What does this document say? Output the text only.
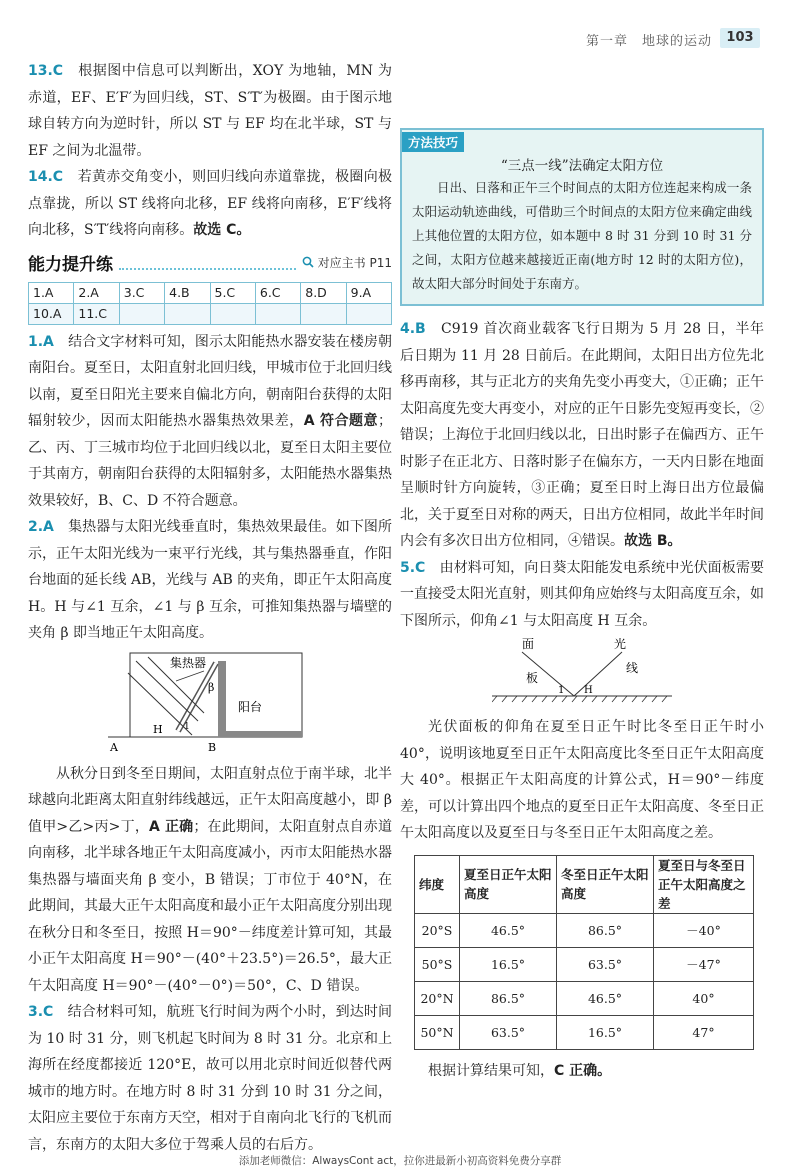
第一章　地球的运动	103

13.C　 根据图中信息可以判断出，XOY 为地轴，MN 为赤道，EF、E′F′为回归线，ST、S′T′为极圈。由于图示地球自转方向为逆时针，所以 ST 与 EF 均在北半球，ST 与 EF 之间为北温带。

14.C　 若黄赤交角变小，则回归线向赤道靠拢，极圈向极点靠拢，所以 ST 线将向北移，EF 线将向南移，E′F′线将向北移，S′T′线将向南移。故选 C。

能力提升练	对应主书 P11
1.A	2.A	3.C	4.B	5.C	6.C	8.D	9.A
10.A	11.C						

1.A　 结合文字材料可知，图示太阳能热水器安装在楼房朝南阳台。夏至日，太阳直射北回归线，甲城市位于北回归线以南，夏至日阳光主要来自偏北方向，朝南阳台获得的太阳辐射较少，因而太阳能热水器集热效果差，A 符合题意；乙、丙、丁三城市均位于北回归线以北，夏至日太阳主要位于其南方，朝南阳台获得的太阳辐射多，太阳能热水器集热效果较好，B、C、D 不符合题意。

2.A　 集热器与太阳光线垂直时，集热效果最佳。如下图所示，正午太阳光线为一束平行光线，其与集热器垂直，作阳台地面的延长线 AB，光线与 AB 的夹角，即正午太阳高度 H。H 与∠1 互余，∠1 与 β 互余，可推知集热器与墙壁的夹角 β 即当地正午太阳高度。

集热器
β
阳台
H 1
A	B

从秋分日到冬至日期间，太阳直射点位于南半球，北半球越向北距离太阳直射纬线越远，正午太阳高度越小，即 β 值甲>乙>丙>丁，A 正确；在此期间，太阳直射点自赤道向南移，北半球各地正午太阳高度减小，丙市太阳能热水器集热器与墙面夹角 β 变小，B 错误；丁市位于 40°N，在此期间，其最大正午太阳高度和最小正午太阳高度分别出现在秋分日和冬至日，按照 H＝90°－纬度差计算可知，其最小正午太阳高度 H＝90°－(40°＋23.5°)＝26.5°，最大正午太阳高度 H＝90°－(40°－0°)＝50°，C、D 错误。

3.C　 结合材料可知，航班飞行时间为两个小时，到达时间为 10 时 31 分，则飞机起飞时间为 8 时 31 分。北京和上海所在经度都接近 120°E，故可以用北京时间近似替代两城市的地方时。在地方时 8 时 31 分到 10 时 31 分之间，太阳应主要位于东南方天空，相对于自南向北飞行的飞机而言，东南方的太阳大多位于驾乘人员的右后方。

方法技巧
“三点一线”法确定太阳方位
日出、日落和正午三个时间点的太阳方位连起来构成一条太阳运动轨迹曲线，可借助三个时间点的太阳方位来确定曲线上其他位置的太阳方位，如本题中 8 时 31 分到 10 时 31 分之间，太阳方位越来越接近正南(地方时 12 时的太阳方位)，故太阳大部分时间处于东南方。

4.B　 C919 首次商业载客飞行日期为 5 月 28 日，半年后日期为 11 月 28 日前后。在此期间，太阳日出方位先北移再南移，其与正北方的夹角先变小再变大，①正确；正午太阳高度先变大再变小，对应的正午日影先变短再变长，②错误；上海位于北回归线以北，日出时影子在偏西方、正午时影子在正北方、日落时影子在偏东方，一天内日影在地面呈顺时针方向旋转，③正确；夏至日时上海日出方位最偏北，关于夏至日对称的两天，日出方位相同，故此半年时间内会有多次日出方位相同，④错误。故选 B。

5.C　 由材料可知，向日葵太阳能发电系统中光伏面板需要一直接受太阳光直射，则其仰角应始终与太阳高度互余，如下图所示，仰角∠1 与太阳高度 H 互余。

面
板
光
线
1 H

光伏面板的仰角在夏至日正午时比冬至日正午时小 40°，说明该地夏至日正午太阳高度比冬至日正午太阳高度大 40°。根据正午太阳高度的计算公式，H＝90°－纬度差，可以计算出四个地点的夏至日正午太阳高度、冬至日正午太阳高度以及夏至日与冬至日正午太阳高度之差。

纬度	夏至日正午太阳高度	冬至日正午太阳高度	夏至日与冬至日正午太阳高度之差
20°S	46.5°	86.5°	－40°
50°S	16.5°	63.5°	－47°
20°N	86.5°	46.5°	40°
50°N	63.5°	16.5°	47°

根据计算结果可知，C 正确。

添加老师微信：AlwaysCont act，拉你进最新小初高资料免费分享群
